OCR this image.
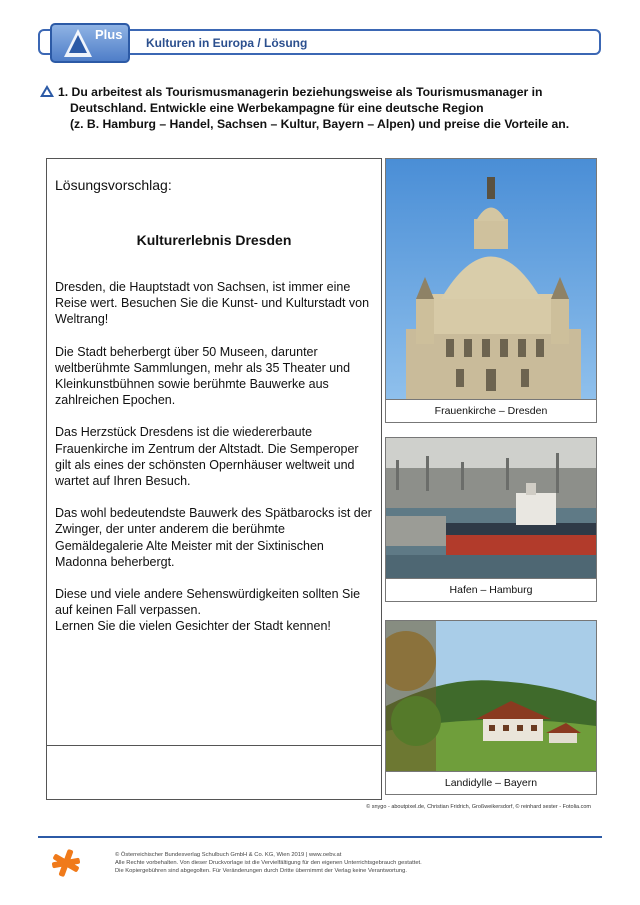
Plus
Kulturen in Europa / Lösung
1. Du arbeitest als Tourismusmanagerin beziehungsweise als Tourismusmanager in
Deutschland. Entwickle eine Werbekampagne für eine deutsche Region
(z. B. Hamburg – Handel, Sachsen – Kultur, Bayern – Alpen) und preise die Vorteile an.
Lösungsvorschlag:
Kulturerlebnis Dresden

Dresden, die Hauptstadt von Sachsen, ist immer eine Reise wert. Besuchen Sie die Kunst- und Kulturstadt von Weltrang!

Die Stadt beherbergt über 50 Museen, darunter weltberühmte Sammlungen, mehr als 35 Theater und Kleinkunstbühnen sowie berühmte Bauwerke aus zahlreichen Epochen.

Das Herzstück Dresdens ist die wiedererbaute Frauenkirche im Zentrum der Altstadt. Die Semperoper gilt als eines der schönsten Opernhäuser weltweit und wartet auf Ihren Besuch.

Das wohl bedeutendste Bauwerk des Spätbarocks ist der Zwinger, der unter anderem die berühmte Gemäldegalerie Alte Meister mit der Sixtinischen Madonna beherbergt.

Diese und viele andere Sehenswürdigkeiten sollten Sie auf keinen Fall verpassen.

Lernen Sie die vielen Gesichter der Stadt kennen!

Frauenkirche – Dresden
Hafen – Hamburg
Landidylle – Bayern
© snygo - aboutpixel.de, Christian Fridrich, Großweikersdorf, © reinhard sester - Fotolia.com
© Österreichischer Bundesverlag Schulbuch GmbH & Co. KG, Wien 2019 | www.oebv.at
Alle Rechte vorbehalten. Von dieser Druckvorlage ist die Vervielfältigung für den eigenen Unterrichtsgebrauch gestattet.
Die Kopiergebühren sind abgegolten. Für Veränderungen durch Dritte übernimmt der Verlag keine Verantwortung.
